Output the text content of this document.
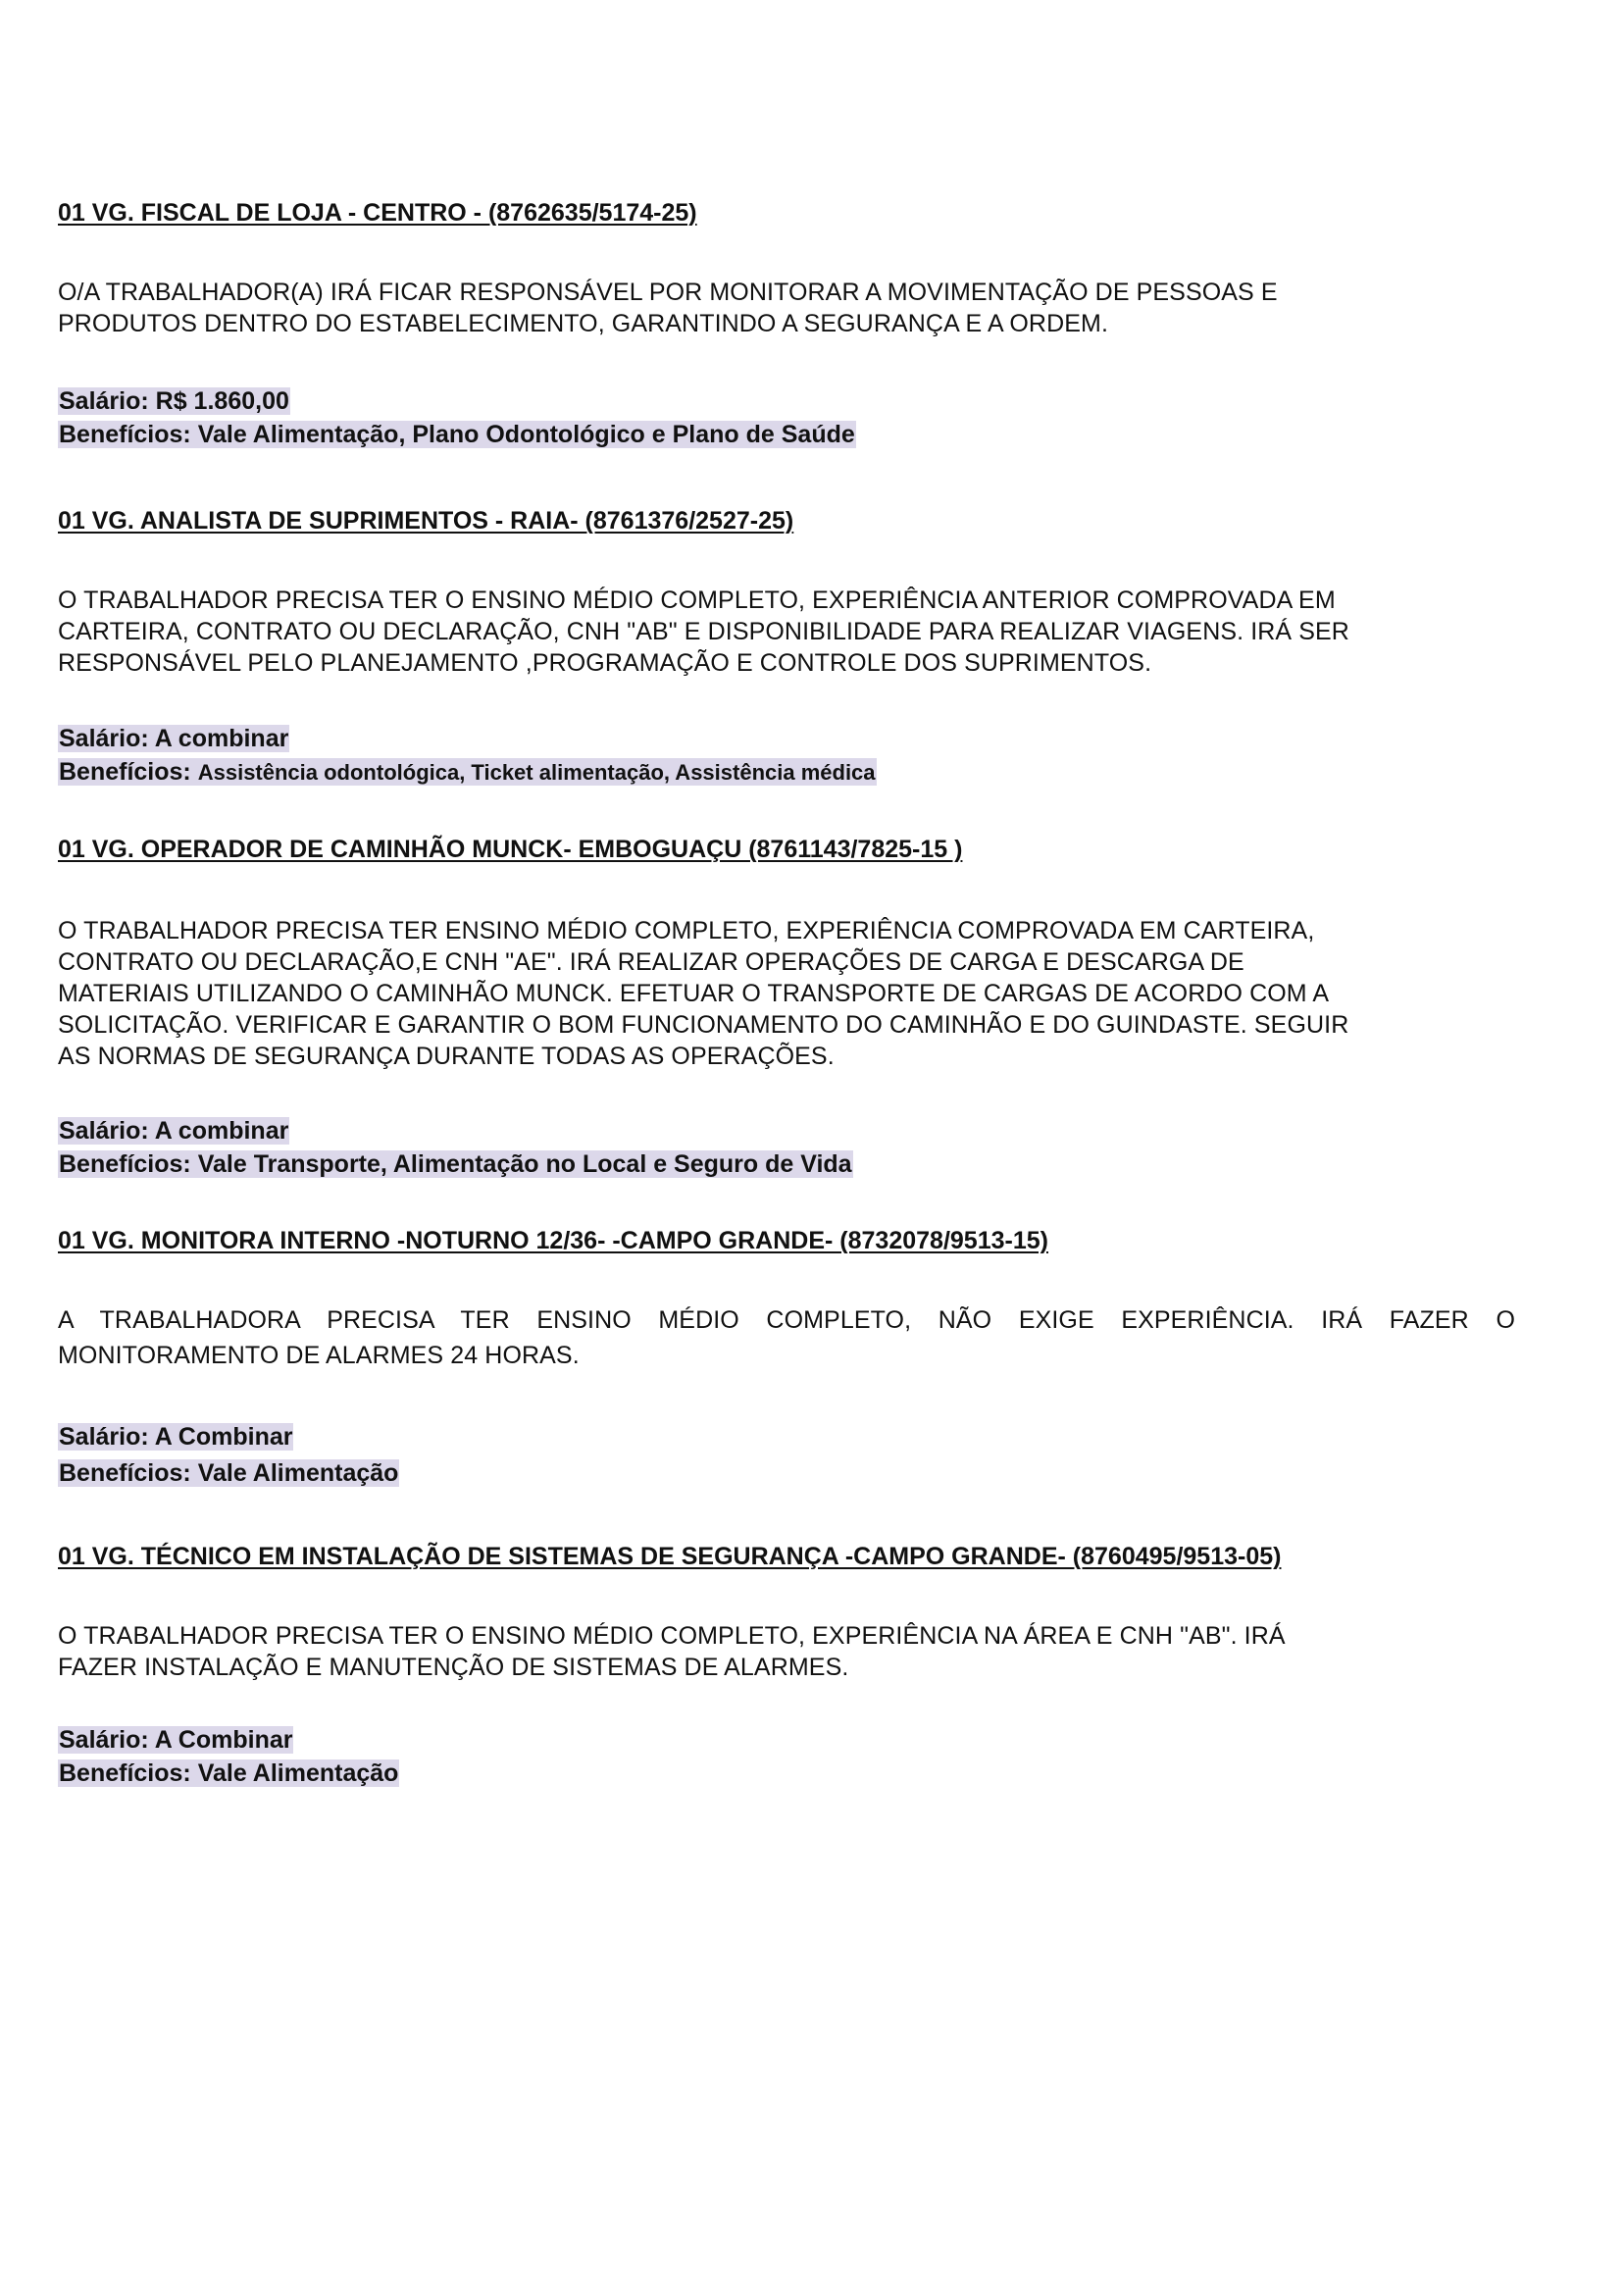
01 VG. FISCAL DE LOJA - CENTRO - (8762635/5174-25)
O/A TRABALHADOR(A) IRÁ FICAR RESPONSÁVEL POR MONITORAR A MOVIMENTAÇÃO DE PESSOAS E
PRODUTOS DENTRO DO ESTABELECIMENTO, GARANTINDO A SEGURANÇA E A ORDEM.
Salário: R$ 1.860,00
Benefícios: Vale Alimentação, Plano Odontológico e Plano de Saúde
01 VG. ANALISTA DE SUPRIMENTOS - RAIA- (8761376/2527-25)
O TRABALHADOR PRECISA TER O ENSINO MÉDIO COMPLETO, EXPERIÊNCIA ANTERIOR COMPROVADA EM
CARTEIRA, CONTRATO OU DECLARAÇÃO, CNH "AB" E DISPONIBILIDADE PARA REALIZAR VIAGENS. IRÁ SER
RESPONSÁVEL PELO PLANEJAMENTO ,PROGRAMAÇÃO E CONTROLE DOS SUPRIMENTOS.
Salário: A combinar
Benefícios: Assistência odontológica, Ticket alimentação, Assistência médica
01 VG. OPERADOR DE CAMINHÃO MUNCK- EMBOGUAÇU (8761143/7825-15 )
O TRABALHADOR PRECISA TER ENSINO MÉDIO COMPLETO, EXPERIÊNCIA COMPROVADA EM CARTEIRA,
CONTRATO OU DECLARAÇÃO,E CNH "AE". IRÁ REALIZAR OPERAÇÕES DE CARGA E DESCARGA DE
MATERIAIS UTILIZANDO O CAMINHÃO MUNCK. EFETUAR O TRANSPORTE DE CARGAS DE ACORDO COM A
SOLICITAÇÃO. VERIFICAR E GARANTIR O BOM FUNCIONAMENTO DO CAMINHÃO E DO GUINDASTE. SEGUIR
AS NORMAS DE SEGURANÇA DURANTE TODAS AS OPERAÇÕES.
Salário: A combinar
Benefícios: Vale Transporte, Alimentação no Local e Seguro de Vida
01 VG. MONITORA INTERNO -NOTURNO 12/36- -CAMPO GRANDE- (8732078/9513-15)
A TRABALHADORA PRECISA TER ENSINO MÉDIO COMPLETO, NÃO EXIGE EXPERIÊNCIA. IRÁ FAZER O
MONITORAMENTO DE ALARMES 24 HORAS.
Salário: A Combinar
Benefícios: Vale Alimentação
01 VG. TÉCNICO EM INSTALAÇÃO DE SISTEMAS DE SEGURANÇA -CAMPO GRANDE- (8760495/9513-05)
O TRABALHADOR PRECISA TER O ENSINO MÉDIO COMPLETO, EXPERIÊNCIA NA ÁREA E CNH "AB". IRÁ
FAZER INSTALAÇÃO E MANUTENÇÃO DE SISTEMAS DE ALARMES.
Salário: A Combinar
Benefícios: Vale Alimentação
